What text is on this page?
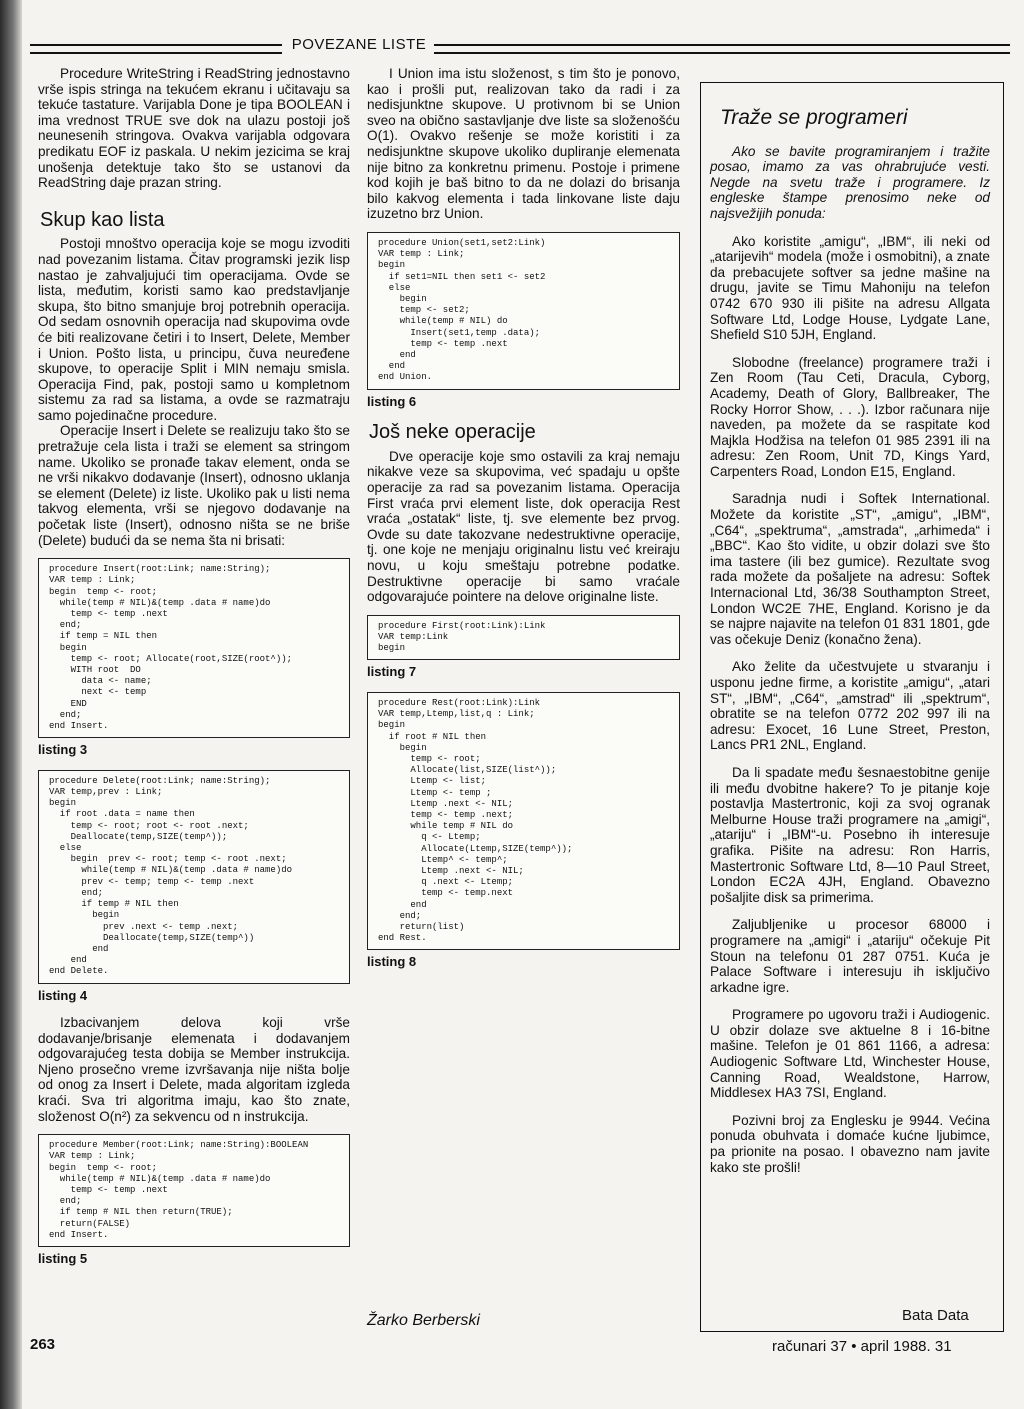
POVEZANE LISTE

Procedure WriteString i ReadString jednostavno vrše ispis stringa na tekućem ekranu i učitavaju sa tekuće tastature. Varijabla Done je tipa BOOLEAN i ima vrednost TRUE sve dok na ulazu postoji još neunesenih stringova. Ovakva varijabla odgovara predikatu EOF iz paskala. U nekim jezicima se kraj unošenja detektuje tako što se ustanovi da ReadString daje prazan string.

Skup kao lista

Postoji mnoštvo operacija koje se mogu izvoditi nad povezanim listama. Čitav programski jezik lisp nastao je zahvaljujući tim operacijama. Ovde se lista, međutim, koristi samo kao predstavljanje skupa, što bitno smanjuje broj potrebnih operacija. Od sedam osnovnih operacija nad skupovima ovde će biti realizovane četiri i to Insert, Delete, Member i Union. Pošto lista, u principu, čuva neuređene skupove, to operacije Split i MIN nemaju smisla. Operacija Find, pak, postoji samo u kompletnom sistemu za rad sa listama, a ovde se razmatraju samo pojedinačne procedure.

Operacije Insert i Delete se realizuju tako što se pretražuje cela lista i traži se element sa stringom name. Ukoliko se pronađe takav element, onda se ne vrši nikakvo dodavanje (Insert), odnosno uklanja se element (Delete) iz liste. Ukoliko pak u listi nema takvog elementa, vrši se njegovo dodavanje na početak liste (Insert), odnosno ništa se ne briše (Delete) budući da se nema šta ni brisati:

procedure Insert(root:Link; name:String);
VAR temp : Link;
begin  temp <- root;
while(temp # NIL)&(temp .data # name)do
temp <- temp .next
end;
if temp = NIL then
begin
temp <- root; Allocate(root,SIZE(root^));
WITH root  DO
data <- name;
next <- temp
END
end;
end Insert.
listing 3
procedure Delete(root:Link; name:String);
VAR temp,prev : Link;
begin
if root .data = name then
temp <- root; root <- root .next;
Deallocate(temp,SIZE(temp^));
else
begin  prev <- root; temp <- root .next;
while(temp # NIL)&(temp .data # name)do
prev <- temp; temp <- temp .next
end;
if temp # NIL then
begin
prev .next <- temp .next;
Deallocate(temp,SIZE(temp^))
end
end
end Delete.
listing 4

Izbacivanjem delova koji vrše dodavanje/brisanje elemenata i dodavanjem odgovarajućeg testa dobija se Member instrukcija. Njeno prosečno vreme izvršavanja nije ništa bolje od onog za Insert i Delete, mada algoritam izgleda kraći. Sva tri algoritma imaju, kao što znate, složenost O(n²) za sekvencu od n instrukcija.

procedure Member(root:Link; name:String):BOOLEAN
VAR temp : Link;
begin  temp <- root;
while(temp # NIL)&(temp .data # name)do
temp <- temp .next
end;
if temp # NIL then return(TRUE);
return(FALSE)
end Insert.
listing 5

I Union ima istu složenost, s tim što je ponovo, kao i prošli put, realizovan tako da radi i za nedisjunktne skupove. U protivnom bi se Union sveo na obično sastavljanje dve liste sa složenošću O(1). Ovakvo rešenje se može koristiti i za nedisjunktne skupove ukoliko dupliranje elemenata nije bitno za konkretnu primenu. Postoje i primene kod kojih je baš bitno to da ne dolazi do brisanja bilo kakvog elementa i tada linkovane liste daju izuzetno brz Union.

procedure Union(set1,set2:Link)
VAR temp : Link;
begin
if set1=NIL then set1 <- set2
else
begin
temp <- set2;
while(temp # NIL) do
Insert(set1,temp .data);
temp <- temp .next
end
end
end Union.
listing 6
Još neke operacije

Dve operacije koje smo ostavili za kraj nemaju nikakve veze sa skupovima, već spadaju u opšte operacije za rad sa povezanim listama. Operacija First vraća prvi element liste, dok operacija Rest vraća „ostatak“ liste, tj. sve elemente bez prvog. Ovde su date takozvane nedestruktivne operacije, tj. one koje ne menjaju originalnu listu već kreiraju novu, u koju smeštaju potrebne podatke. Destruktivne operacije bi samo vraćale odgovarajuće pointere na delove originalne liste.

procedure First(root:Link):Link
VAR temp:Link
begin
listing 7
procedure Rest(root:Link):Link
VAR temp,Ltemp,list,q : Link;
begin
if root # NIL then
begin
temp <- root;
Allocate(list,SIZE(list^));
Ltemp <- list;
Ltemp <- temp ;
Ltemp .next <- NIL;
temp <- temp .next;
while temp # NIL do
q <- Ltemp;
Allocate(Ltemp,SIZE(temp^));
Ltemp^ <- temp^;
Ltemp .next <- NIL;
q .next <- Ltemp;
temp <- temp.next
end
end;
return(list)
end Rest.
listing 8
Žarko Berberski
Traže se programeri

Ako se bavite programiranjem i tražite posao, imamo za vas ohrabrujuće vesti. Negde na svetu traže i programere. Iz engleske štampe prenosimo neke od najsvežijih ponuda:

Ako koristite „amigu“, „IBM“, ili neki od „atarijevih“ modela (može i osmobitni), a znate da prebacujete softver sa jedne mašine na drugu, javite se Timu Mahoniju na telefon 0742 670 930 ili pišite na adresu Allgata Software Ltd, Lodge House, Lydgate Lane, Shefield S10 5JH, England.

Slobodne (freelance) programere traži i Zen Room (Tau Ceti, Dracula, Cyborg, Academy, Death of Glory, Ballbreaker, The Rocky Horror Show, . . .). Izbor računara nije naveden, pa možete da se raspitate kod Majkla Hodžisa na telefon 01 985 2391 ili na adresu: Zen Room, Unit 7D, Kings Yard, Carpenters Road, London E15, England.

Saradnja nudi i Softek International. Možete da koristite „ST“, „amigu“, „IBM“, „C64“, „spektruma“, „amstrada“, „arhimeda“ i „BBC“. Kao što vidite, u obzir dolazi sve što ima tastere (ili bez gumice). Rezultate svog rada možete da pošaljete na adresu: Softek Internacional Ltd, 36/38 Southampton Street, London WC2E 7HE, England. Korisno je da se najpre najavite na telefon 01 831 1801, gde vas očekuje Deniz (konačno žena).

Ako želite da učestvujete u stvaranju i usponu jedne firme, a koristite „amigu“, „atari ST“, „IBM“, „C64“, „amstrad“ ili „spektrum“, obratite se na telefon 0772 202 997 ili na adresu: Exocet, 16 Lune Street, Preston, Lancs PR1 2NL, England.

Da li spadate među šesnaestobitne genije ili među dvobitne hakere? To je pitanje koje postavlja Mastertronic, koji za svoj ogranak Melburne House traži programere na „amigi“, „atariju“ i „IBM“-u. Posebno ih interesuje grafika. Pišite na adresu: Ron Harris, Mastertronic Software Ltd, 8—10 Paul Street, London EC2A 4JH, England. Obavezno pošaljite disk sa primerima.

Zaljubljenike u procesor 68000 i programere na „amigi“ i „atariju“ očekuje Pit Stoun na telefonu 01 287 0751. Kuća je Palace Software i interesuju ih isključivo arkadne igre.

Programere po ugovoru traži i Audiogenic. U obzir dolaze sve aktuelne 8 i 16-bitne mašine. Telefon je 01 861 1166, a adresa: Audiogenic Software Ltd, Winchester House, Canning Road, Wealdstone, Harrow, Middlesex HA3 7SI, England.

Pozivni broj za Englesku je 9944. Većina ponuda obuhvata i domaće kućne ljubimce, pa prionite na posao. I obavezno nam javite kako ste prošli!

Bata Data
263	računari 37 • april 1988. 31
